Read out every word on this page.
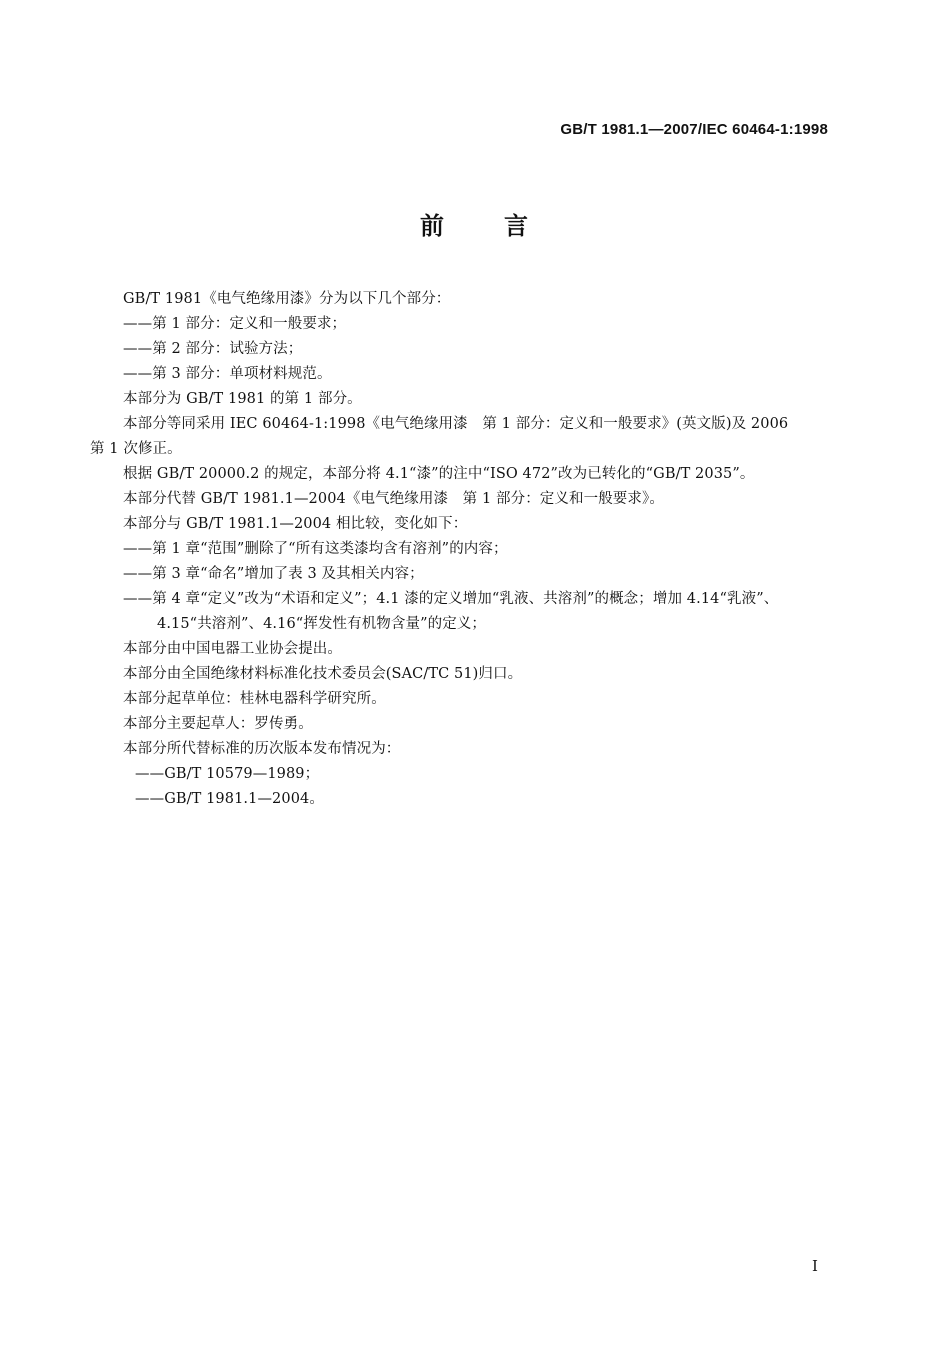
GB/T 1981.1—2007/IEC 60464-1:1998
前 言
GB/T 1981《电气绝缘用漆》分为以下几个部分：
——第 1 部分：定义和一般要求；
——第 2 部分：试验方法；
——第 3 部分：单项材料规范。
本部分为 GB/T 1981 的第 1 部分。
本部分等同采用 IEC 60464-1:1998《电气绝缘用漆　第 1 部分：定义和一般要求》(英文版)及 2006
第 1 次修正。
根据 GB/T 20000.2 的规定，本部分将 4.1“漆”的注中“ISO 472”改为已转化的“GB/T 2035”。
本部分代替 GB/T 1981.1—2004《电气绝缘用漆　第 1 部分：定义和一般要求》。
本部分与 GB/T 1981.1—2004 相比较，变化如下：
——第 1 章“范围”删除了“所有这类漆均含有溶剂”的内容；
——第 3 章“命名”增加了表 3 及其相关内容；
——第 4 章“定义”改为“术语和定义”；4.1 漆的定义增加“乳液、共溶剂”的概念；增加 4.14“乳液”、
4.15“共溶剂”、4.16“挥发性有机物含量”的定义；
本部分由中国电器工业协会提出。
本部分由全国绝缘材料标准化技术委员会(SAC/TC 51)归口。
本部分起草单位：桂林电器科学研究所。
本部分主要起草人：罗传勇。
本部分所代替标准的历次版本发布情况为：
——GB/T 10579—1989；
——GB/T 1981.1—2004。
I
